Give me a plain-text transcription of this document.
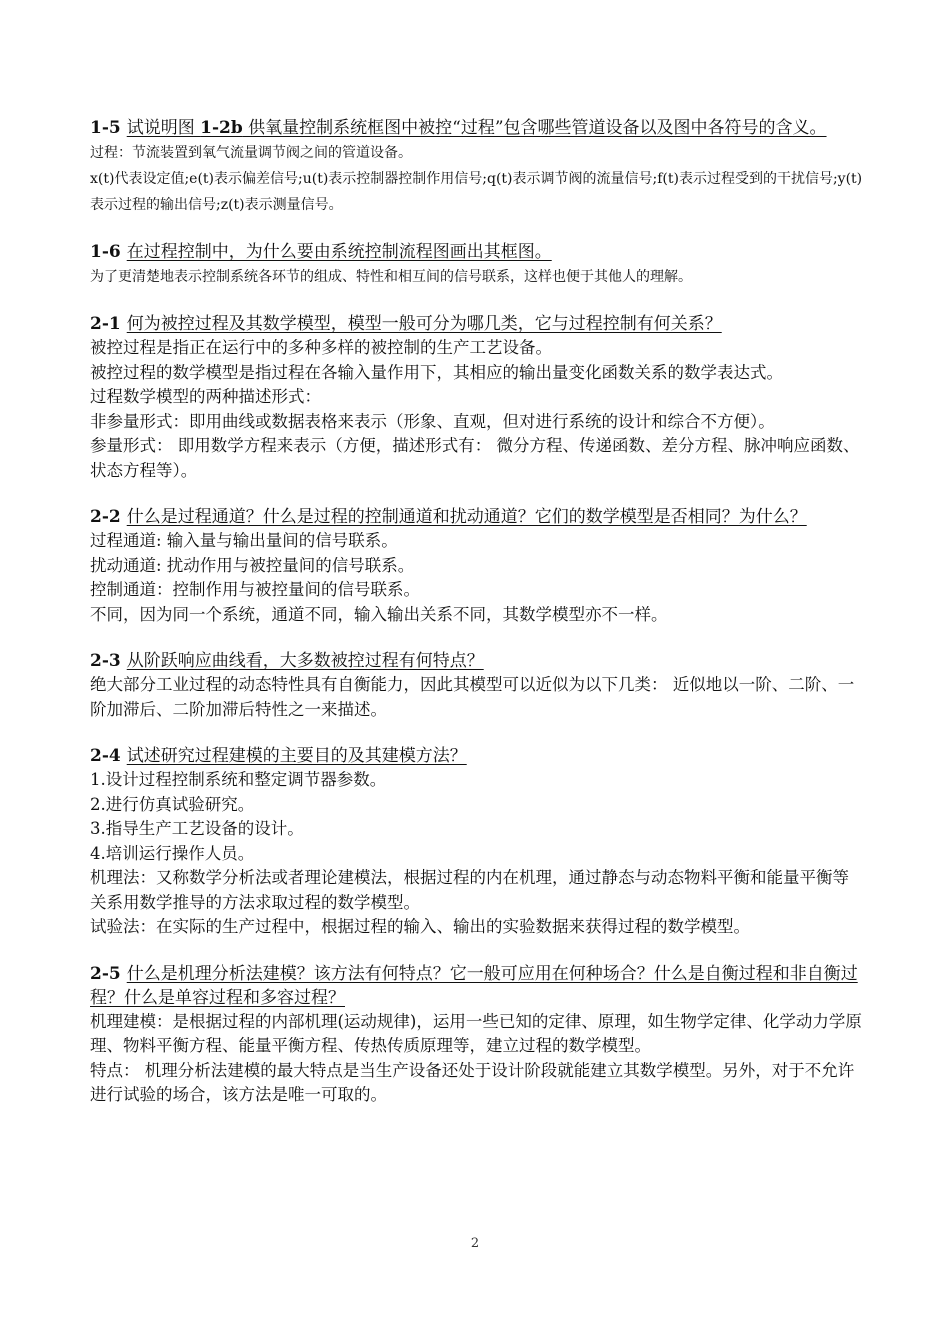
1-5 试说明图 1-2b 供氧量控制系统框图中被控“过程”包含哪些管道设备以及图中各符号的含义。

过程：节流装置到氧气流量调节阀之间的管道设备。

x(t)代表设定值;e(t)表示偏差信号;u(t)表示控制器控制作用信号;q(t)表示调节阀的流量信号;f(t)表示过程受到的干扰信号;y(t)表示过程的输出信号;z(t)表示测量信号。

1-6 在过程控制中，为什么要由系统控制流程图画出其框图。

为了更清楚地表示控制系统各环节的组成、特性和相互间的信号联系，这样也便于其他人的理解。

2-1 何为被控过程及其数学模型，模型一般可分为哪几类，它与过程控制有何关系？

被控过程是指正在运行中的多种多样的被控制的生产工艺设备。

被控过程的数学模型是指过程在各输入量作用下，其相应的输出量变化函数关系的数学表达式。

过程数学模型的两种描述形式：

非参量形式：即用曲线或数据表格来表示（形象、直观，但对进行系统的设计和综合不方便）。

参量形式： 即用数学方程来表示（方便，描述形式有： 微分方程、传递函数、差分方程、脉冲响应函数、状态方程等）。

2-2 什么是过程通道？什么是过程的控制通道和扰动通道？它们的数学模型是否相同？为什么？

过程通道: 输入量与输出量间的信号联系。

扰动通道: 扰动作用与被控量间的信号联系。

控制通道：控制作用与被控量间的信号联系。

不同，因为同一个系统，通道不同，输入输出关系不同，其数学模型亦不一样。

2-3 从阶跃响应曲线看，大多数被控过程有何特点？

绝大部分工业过程的动态特性具有自衡能力，因此其模型可以近似为以下几类： 近似地以一阶、二阶、一阶加滞后、二阶加滞后特性之一来描述。

2-4 试述研究过程建模的主要目的及其建模方法？

1.设计过程控制系统和整定调节器参数。

2.进行仿真试验研究。

3.指导生产工艺设备的设计。

4.培训运行操作人员。

机理法：又称数学分析法或者理论建模法，根据过程的内在机理，通过静态与动态物料平衡和能量平衡等关系用数学推导的方法求取过程的数学模型。

试验法：在实际的生产过程中，根据过程的输入、输出的实验数据来获得过程的数学模型。

2-5 什么是机理分析法建模？该方法有何特点？它一般可应用在何种场合？什么是自衡过程和非自衡过程？什么是单容过程和多容过程？

机理建模：是根据过程的内部机理(运动规律)，运用一些已知的定律、原理，如生物学定律、化学动力学原理、物料平衡方程、能量平衡方程、传热传质原理等，建立过程的数学模型。

特点： 机理分析法建模的最大特点是当生产设备还处于设计阶段就能建立其数学模型。另外，对于不允许进行试验的场合，该方法是唯一可取的。

2
